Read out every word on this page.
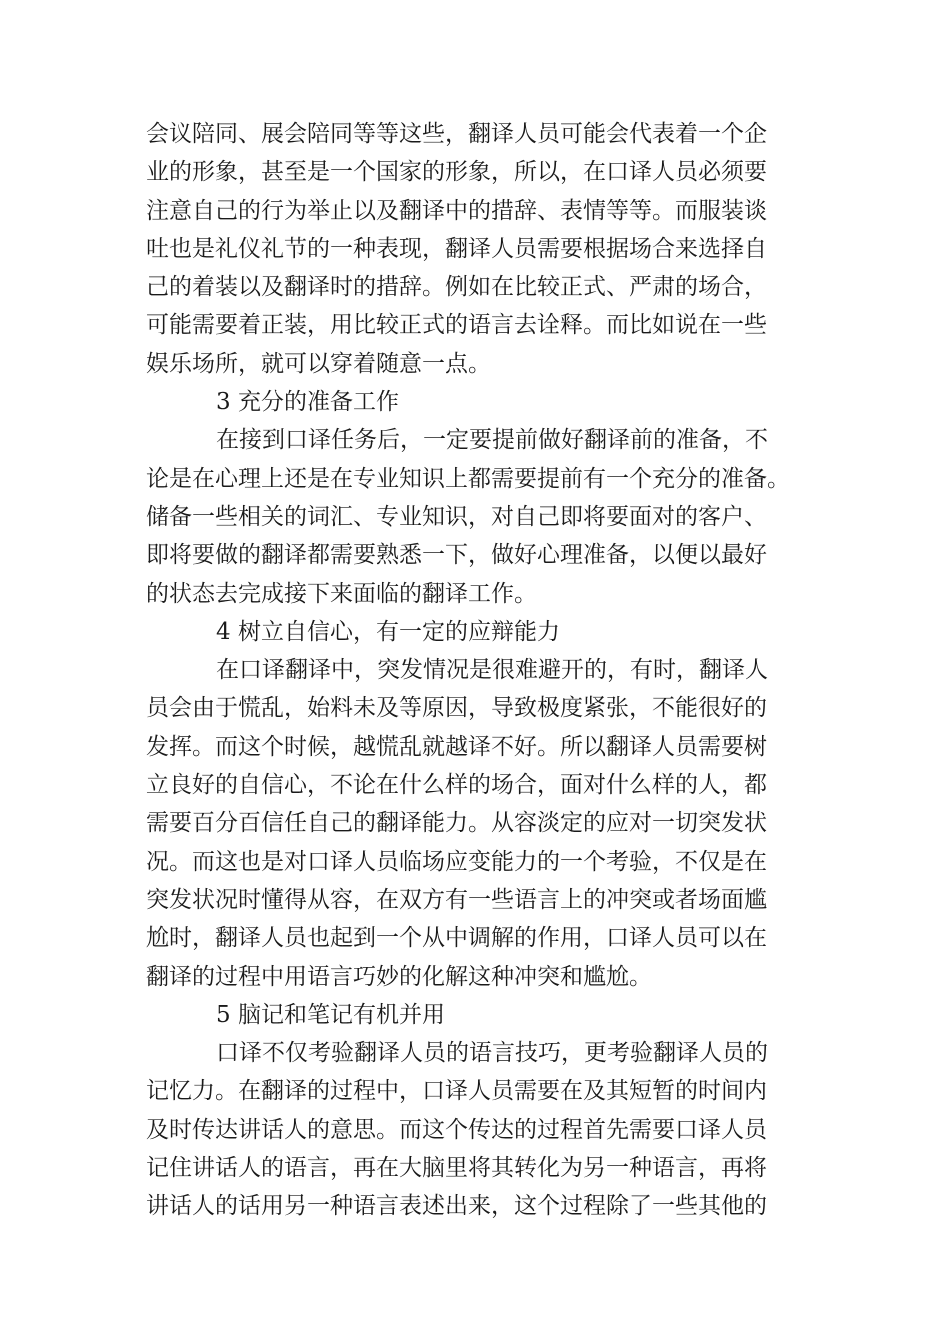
会议陪同、展会陪同等等这些，翻译人员可能会代表着一个企
业的形象，甚至是一个国家的形象，所以，在口译人员必须要
注意自己的行为举止以及翻译中的措辞、表情等等。而服装谈
吐也是礼仪礼节的一种表现，翻译人员需要根据场合来选择自
己的着装以及翻译时的措辞。例如在比较正式、严肃的场合，
可能需要着正装，用比较正式的语言去诠释。而比如说在一些
娱乐场所，就可以穿着随意一点。
3 充分的准备工作
在接到口译任务后，一定要提前做好翻译前的准备，不
论是在心理上还是在专业知识上都需要提前有一个充分的准备。
储备一些相关的词汇、专业知识，对自己即将要面对的客户、
即将要做的翻译都需要熟悉一下，做好心理准备，以便以最好
的状态去完成接下来面临的翻译工作。
4 树立自信心，有一定的应辩能力
在口译翻译中，突发情况是很难避开的，有时，翻译人
员会由于慌乱，始料未及等原因，导致极度紧张，不能很好的
发挥。而这个时候，越慌乱就越译不好。所以翻译人员需要树
立良好的自信心，不论在什么样的场合，面对什么样的人，都
需要百分百信任自己的翻译能力。从容淡定的应对一切突发状
况。而这也是对口译人员临场应变能力的一个考验，不仅是在
突发状况时懂得从容，在双方有一些语言上的冲突或者场面尴
尬时，翻译人员也起到一个从中调解的作用，口译人员可以在
翻译的过程中用语言巧妙的化解这种冲突和尴尬。
5 脑记和笔记有机并用
口译不仅考验翻译人员的语言技巧，更考验翻译人员的
记忆力。在翻译的过程中，口译人员需要在及其短暂的时间内
及时传达讲话人的意思。而这个传达的过程首先需要口译人员
记住讲话人的语言，再在大脑里将其转化为另一种语言，再将
讲话人的话用另一种语言表述出来，这个过程除了一些其他的
